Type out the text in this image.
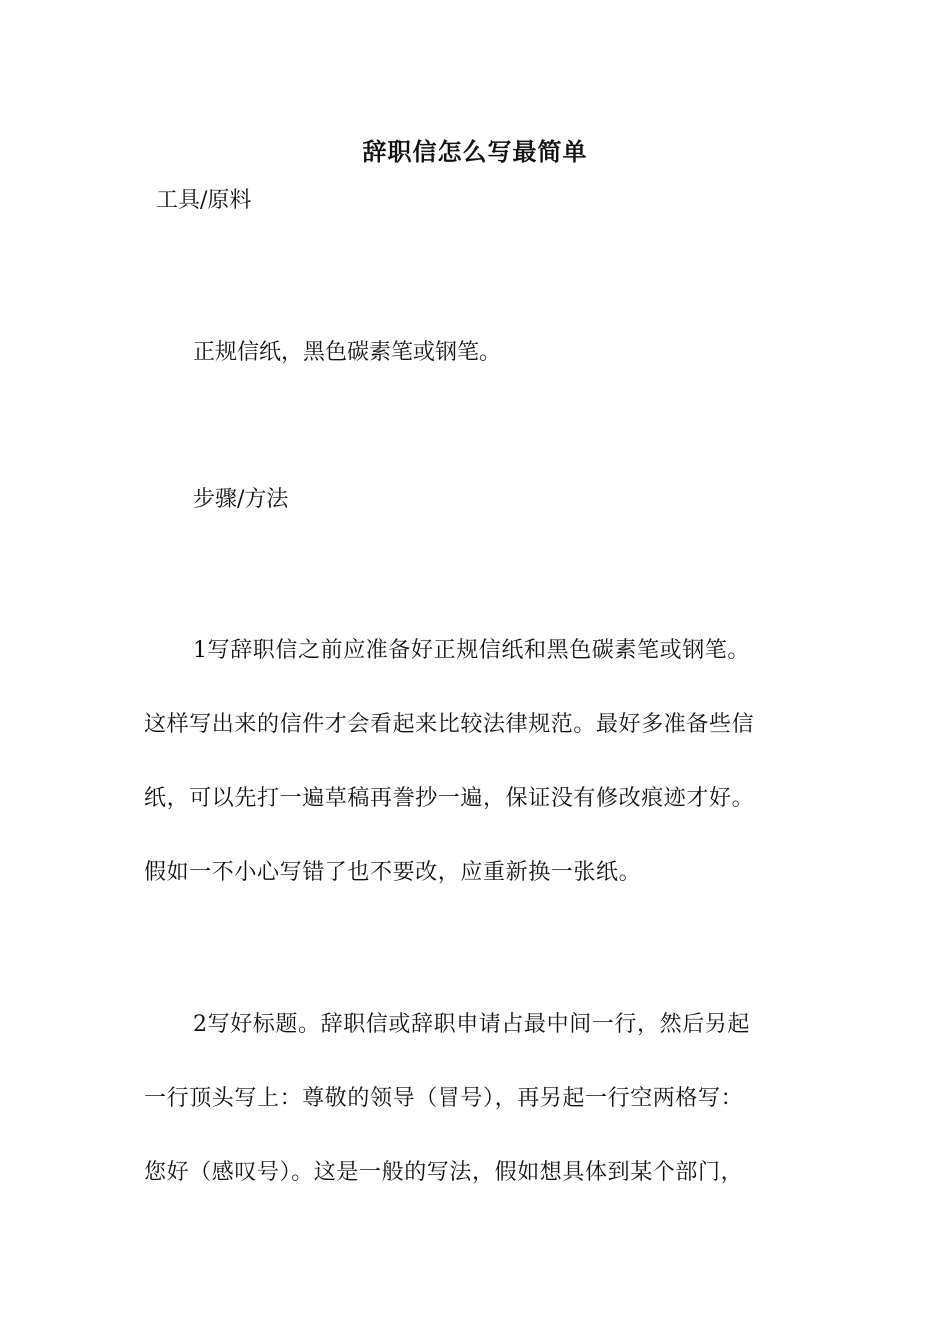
辞职信怎么写最简单
工具/原料
正规信纸，黑色碳素笔或钢笔。
步骤/方法
1写辞职信之前应准备好正规信纸和黑色碳素笔或钢笔。
这样写出来的信件才会看起来比较法律规范。最好多准备些信
纸，可以先打一遍草稿再誊抄一遍，保证没有修改痕迹才好。
假如一不小心写错了也不要改，应重新换一张纸。
2写好标题。辞职信或辞职申请占最中间一行，然后另起
一行顶头写上：尊敬的领导（冒号），再另起一行空两格写：
您好（感叹号）。这是一般的写法，假如想具体到某个部门，
